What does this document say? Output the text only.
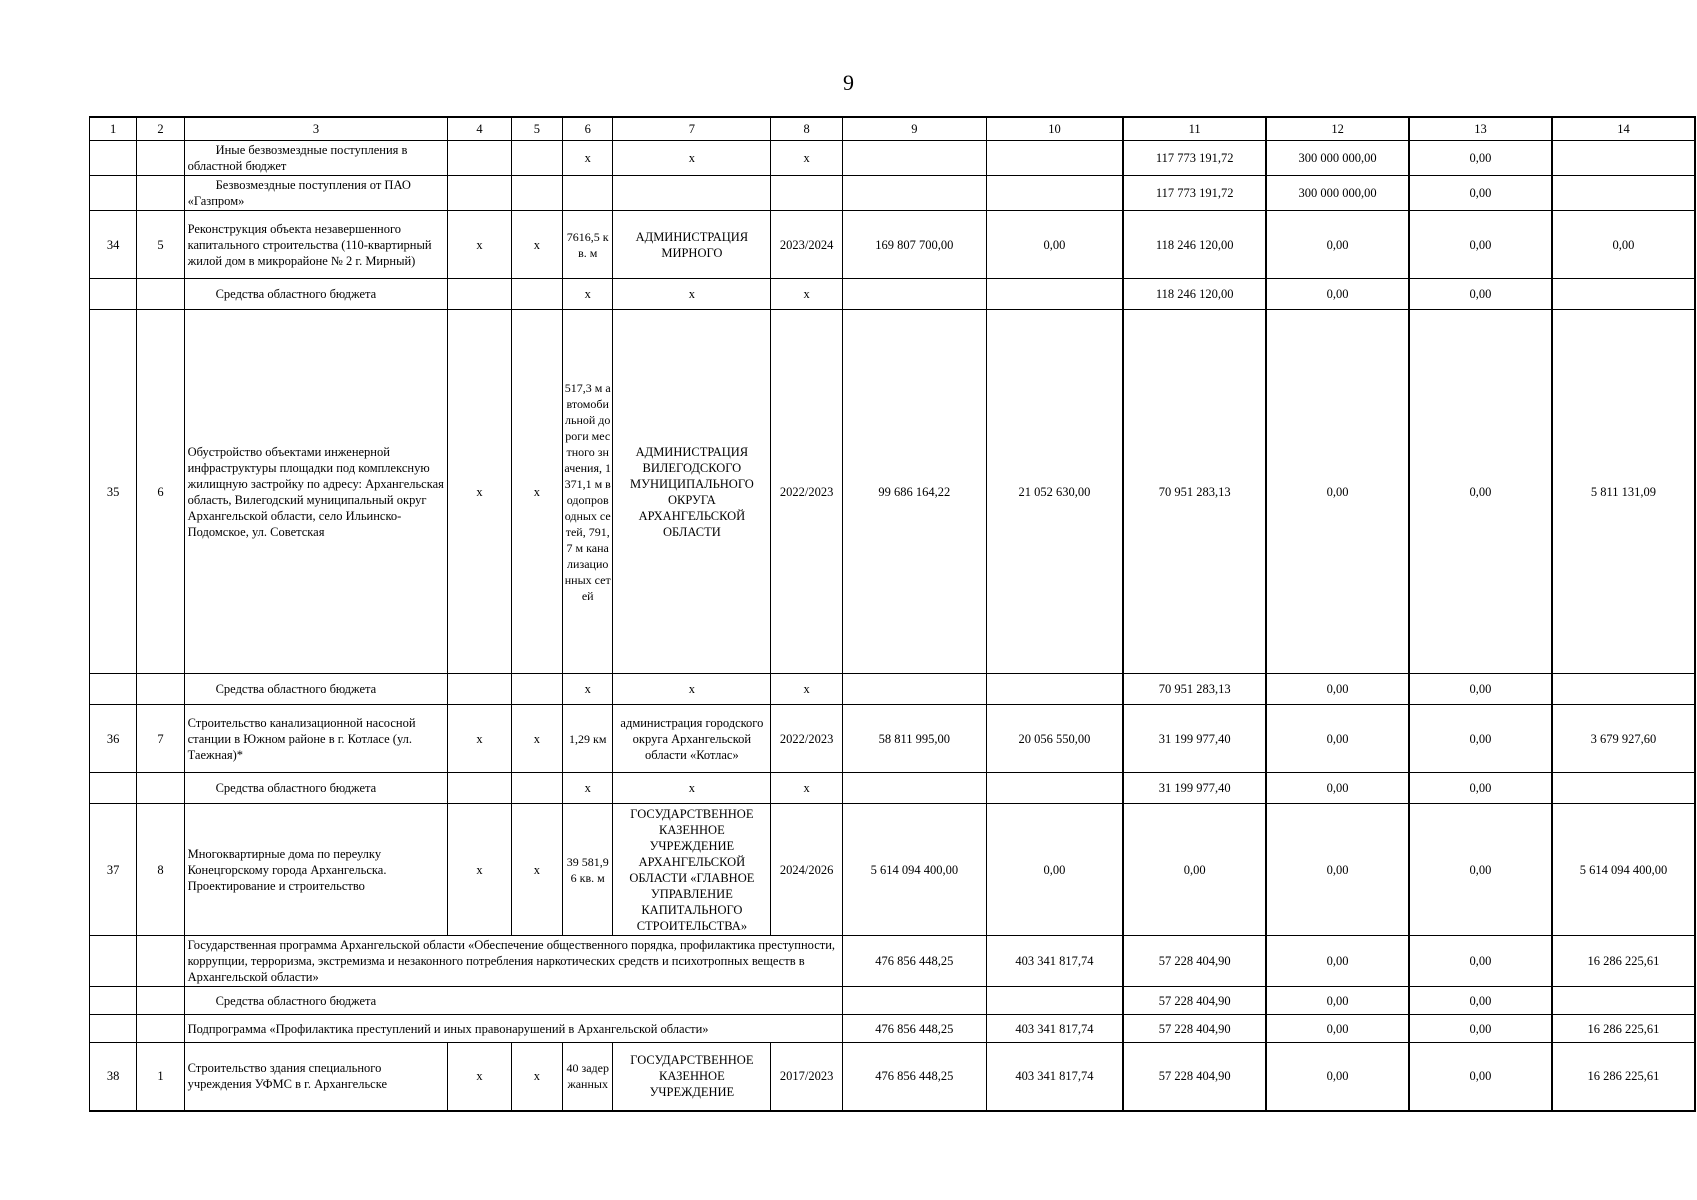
9
1	2	3	4	5	6	7	8	9	10	11	12	13	14
		Иные безвозмездные поступления в областной бюджет			х	х	х			117 773 191,72	300 000 000,00	0,00	
		Безвозмездные поступления от ПАО «Газпром»								117 773 191,72	300 000 000,00	0,00	
34	5	Реконструкция объекта незавершенного капитального строительства (110-квартирный жилой дом в микрорайоне № 2 г. Мирный)	х	х	7616,5 кв. м	АДМИНИСТРАЦИЯ МИРНОГО	2023/2024	169 807 700,00	0,00	118 246 120,00	0,00	0,00	0,00
		Средства областного бюджета			х	х	х			118 246 120,00	0,00	0,00	
35	6	Обустройство объектами инженерной инфраструктуры площадки под комплексную жилищную застройку по адресу: Архангельская область, Вилегодский муниципальный округ Архангельской области, село Ильинско-Подомское, ул. Советская	х	х	517,3 м автомобильной дороги местного значения, 1371,1 м водопроводных сетей, 791,7 м канализационных сетей	АДМИНИСТРАЦИЯ ВИЛЕГОДСКОГО МУНИЦИПАЛЬНОГО ОКРУГА АРХАНГЕЛЬСКОЙ ОБЛАСТИ	2022/2023	99 686 164,22	21 052 630,00	70 951 283,13	0,00	0,00	5 811 131,09
		Средства областного бюджета			х	х	х			70 951 283,13	0,00	0,00	
36	7	Строительство канализационной насосной станции в Южном районе в г. Котласе (ул. Таежная)*	х	х	1,29 км	администрация городского округа Архангельской области «Котлас»	2022/2023	58 811 995,00	20 056 550,00	31 199 977,40	0,00	0,00	3 679 927,60
		Средства областного бюджета			х	х	х			31 199 977,40	0,00	0,00	
37	8	Многоквартирные дома по переулку Конецгорскому города Архангельска. Проектирование и строительство	х	х	39 581,96 кв. м	ГОСУДАРСТВЕННОЕ КАЗЕННОЕ УЧРЕЖДЕНИЕ АРХАНГЕЛЬСКОЙ ОБЛАСТИ «ГЛАВНОЕ УПРАВЛЕНИЕ КАПИТАЛЬНОГО СТРОИТЕЛЬСТВА»	2024/2026	5 614 094 400,00	0,00	0,00	0,00	0,00	5 614 094 400,00
		Государственная программа Архангельской области «Обеспечение общественного порядка, профилактика преступности, коррупции, терроризма, экстремизма и незаконного потребления наркотических средств и психотропных веществ в Архангельской области»						476 856 448,25	403 341 817,74	57 228 404,90	0,00	0,00	16 286 225,61
		Средства областного бюджета								57 228 404,90	0,00	0,00	
		Подпрограмма «Профилактика преступлений и иных правонарушений в Архангельской области»						476 856 448,25	403 341 817,74	57 228 404,90	0,00	0,00	16 286 225,61
38	1	Строительство здания специального учреждения УФМС в г. Архангельске	х	х	40 задержанных	ГОСУДАРСТВЕННОЕ КАЗЕННОЕ УЧРЕЖДЕНИЕ	2017/2023	476 856 448,25	403 341 817,74	57 228 404,90	0,00	0,00	16 286 225,61
